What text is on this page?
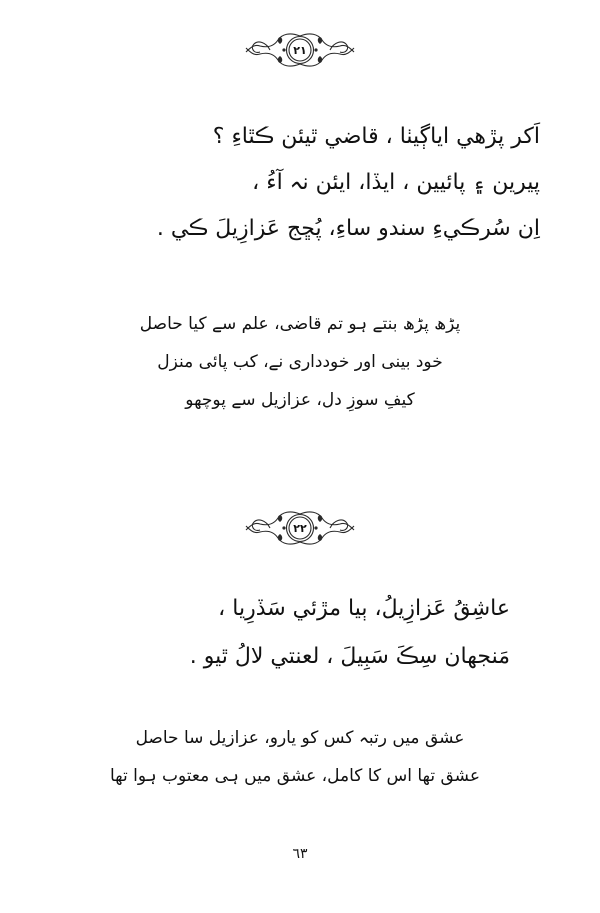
۲۱
اَکر پڙهي اياڳيٺا ، قاضي ٿيئن ڪٿاءِ ؟
پيرين ۽ پائيين ، ايڏا، ايئن نہ آءُ ،
اِن سُرڪيءِ سندو ساءِ، پُڇج عَزازِيلَ ڪي .
پڑھ پڑھ بنتے ہو تم قاضی، علم سے کیا حاصل
خود بینی اور خودداری نے، کب پائی منزل
کیفِ سوزِ دل، عزازیل سے پوچھو
۲۲
عاشِقُ عَزازِيلُ، ٻيا مڙئي سَڏرِيا ،
مَنجهان سِڪَ سَبِيلَ ، لعنتي لالُ ٿيو .
عشق میں رتبہ کس کو یارو، عزازیل سا حاصل
عشق تھا اس کا کامل، عشق میں ہی معتوب ہوا تھا
٦٣
